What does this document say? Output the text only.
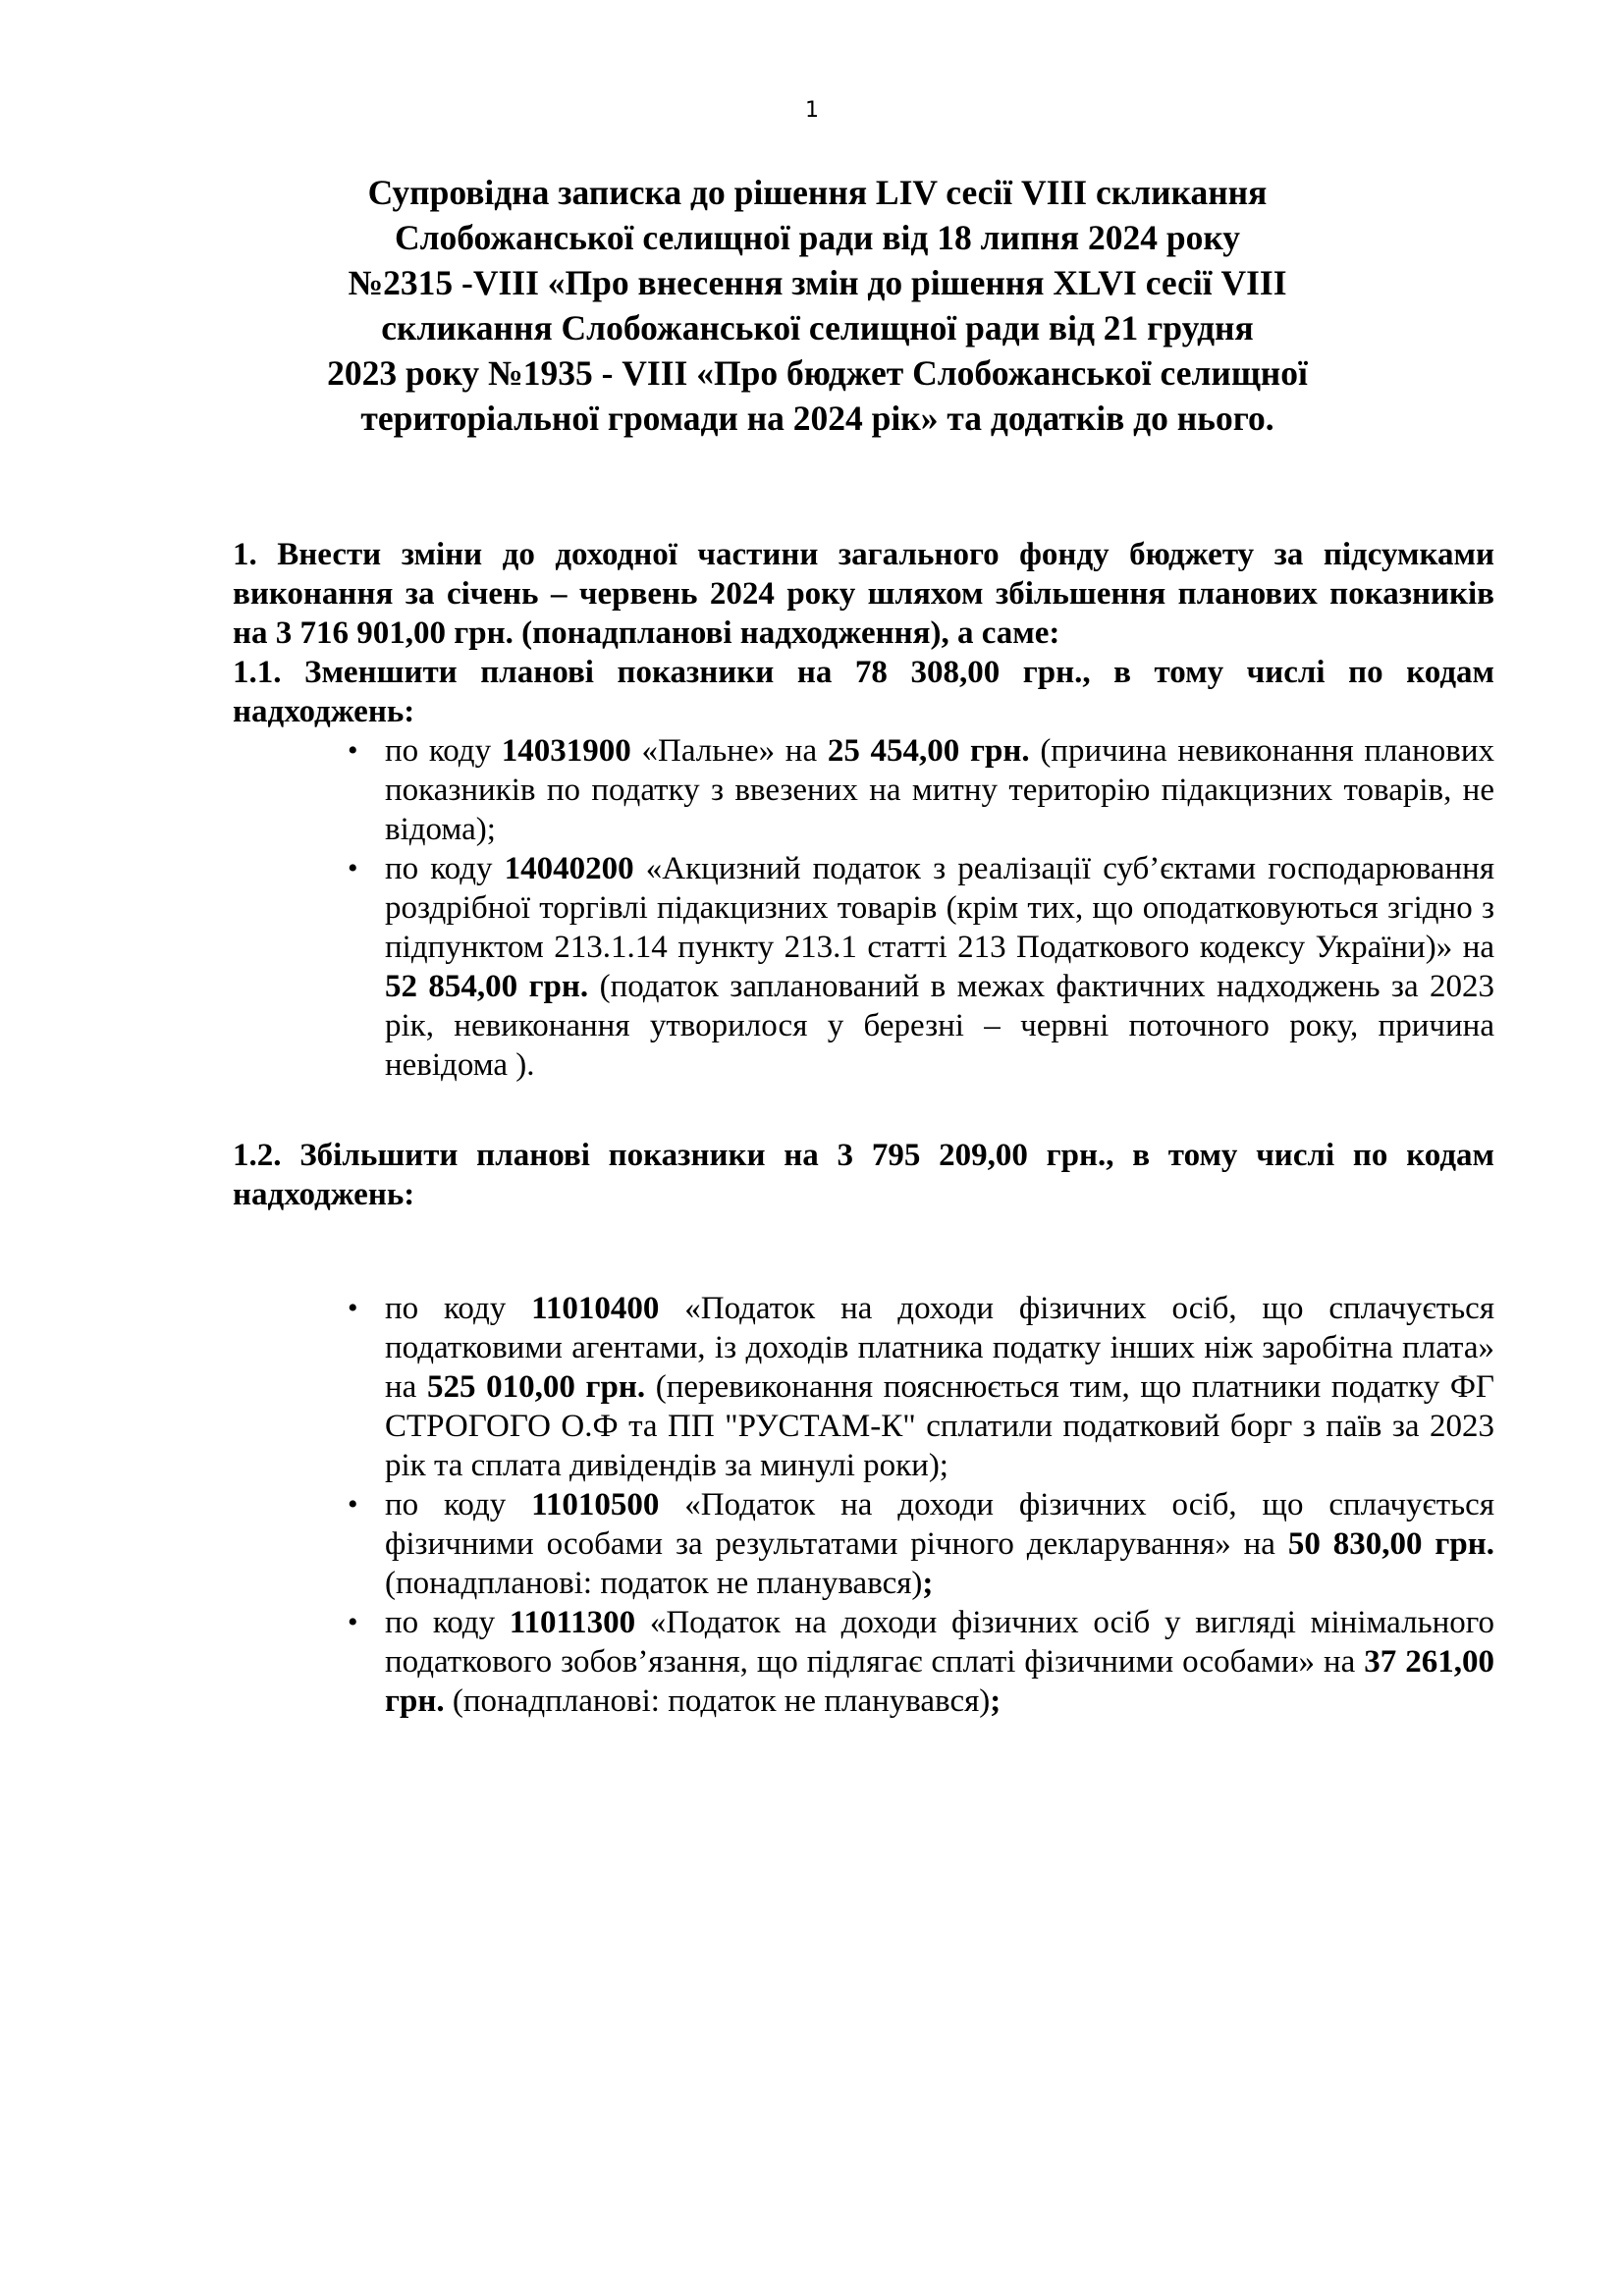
1
Супровідна записка до рішення LIV сесії VIII скликання
Слобожанської селищної ради від 18 липня 2024 року
№2315 -VIII «Про внесення змін до рішення XLVI сесії VIII
скликання Слобожанської селищної ради від 21 грудня
2023 року №1935 - VIII «Про бюджет Слобожанської селищної
територіальної громади на 2024 рік» та додатків до нього.

1. Внести зміни до доходної частини загального фонду бюджету за підсумками виконання за січень – червень 2024 року шляхом збільшення планових показників на 3 716 901,00 грн. (понадпланові надходження), а саме:

1.1. Зменшити планові показники на 78 308,00 грн., в тому числі по кодам надходжень:

• по коду 14031900 «Пальне» на 25 454,00 грн. (причина невиконання планових показників по податку з ввезених на митну територію підакцизних товарів, не відома);
• по коду 14040200 «Акцизний податок з реалізації суб’єктами господарювання роздрібної торгівлі підакцизних товарів (крім тих, що оподатковуються згідно з підпунктом 213.1.14 пункту 213.1 статті 213 Податкового кодексу України)» на 52 854,00 грн. (податок запланований в межах фактичних надходжень за 2023 рік, невиконання утворилося у березні – червні поточного року, причина невідома ).

1.2. Збільшити планові показники на 3 795 209,00 грн., в тому числі по кодам надходжень:

• по коду 11010400 «Податок на доходи фізичних осіб, що сплачується податковими агентами, із доходів платника податку інших ніж заробітна плата» на 525 010,00 грн. (перевиконання пояснюється тим, що платники податку ФГ СТРОГОГО О.Ф та ПП "РУСТАМ-К" сплатили податковий борг з паїв за 2023 рік та сплата дивідендів за минулі роки);
• по коду 11010500 «Податок на доходи фізичних осіб, що сплачується фізичними особами за результатами річного декларування» на 50 830,00 грн. (понадпланові: податок не планувався);
• по коду 11011300 «Податок на доходи фізичних осіб у вигляді мінімального податкового зобов’язання, що підлягає сплаті фізичними особами» на 37 261,00 грн. (понадпланові: податок не планувався);
